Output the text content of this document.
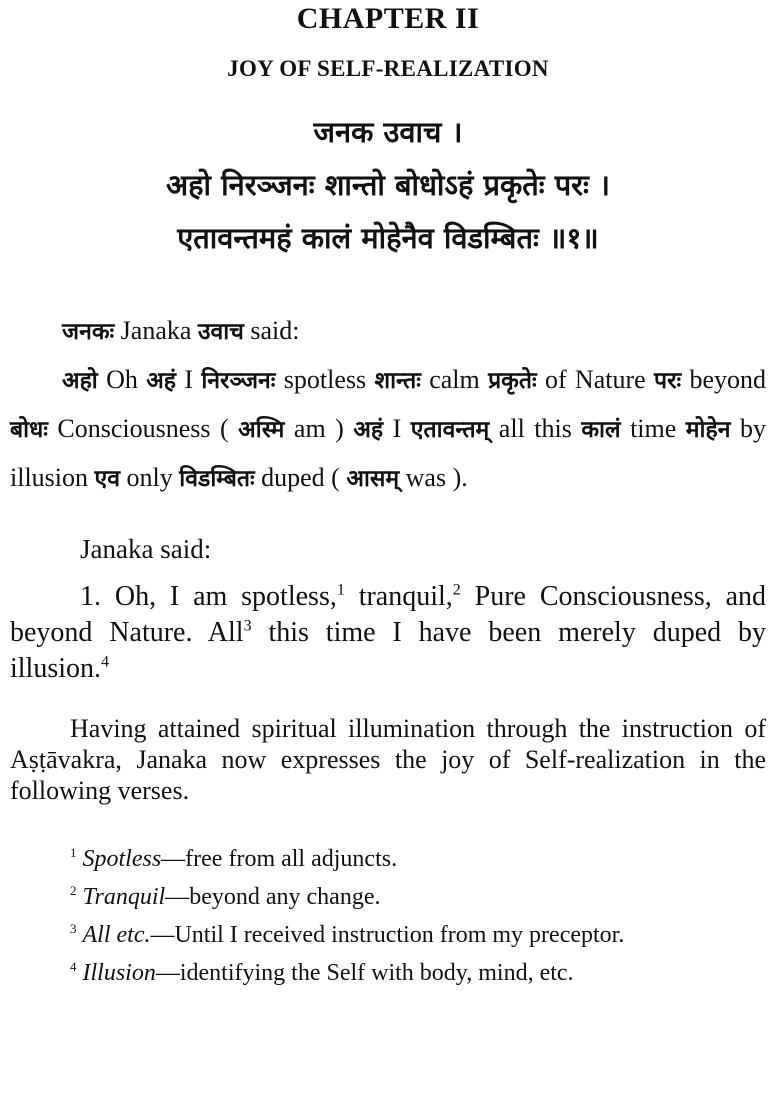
CHAPTER II
JOY OF SELF-REALIZATION
जनक उवाच ।
अहो निरञ्जनः शान्तो बोधोऽहं प्रकृतेः परः ।
एतावन्तमहं कालं मोहेनैव विडम्बितः ॥१॥

जनकः Janaka उवाच said:

अहो Oh अहं I निरञ्जनः spotless शान्तः calm प्रकृतेः of Nature परः beyond बोधः Consciousness ( अस्मि am ) अहं I एतावन्तम् all this कालं time मोहेन by illusion एव only विडम्बितः duped ( आसम् was ).

Janaka said:

1. Oh, I am spotless,$^1$ tranquil,$^2$ Pure Consciousness, and beyond Nature. All$^3$ this time I have been merely duped by illusion.$^4$

Having attained spiritual illumination through the instruction of Aṣṭāvakra, Janaka now expresses the joy of Self-realization in the following verses.

$^1$ Spotless—free from all adjuncts.

$^2$ Tranquil—beyond any change.

$^3$ All etc.—Until I received instruction from my preceptor.

$^4$ Illusion—identifying the Self with body, mind, etc.
